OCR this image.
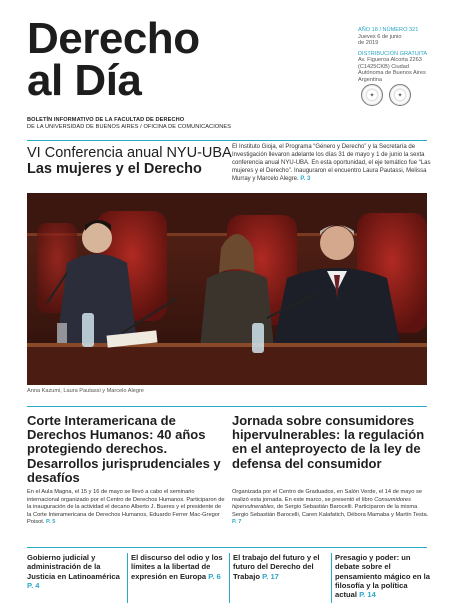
Derecho
al Día
BOLETÍN INFORMATIVO DE LA FACULTAD DE DERECHO
DE LA UNIVERSIDAD DE BUENOS AIRES / OFICINA DE COMUNICACIONES
AÑO 18 / NÚMERO 321
Jueves 6 de junio
de 2019
DISTRIBUCIÓN GRATUITA
Av. Figueroa Alcorta 2263
(C1425CKB) Ciudad
Autónoma de Buenos Aires
Argentina
✦	✦
VI Conferencia anual NYU-UBA
Las mujeres y el Derecho
El Instituto Gioja, el Programa “Género y Derecho” y la Secretaría de Investigación llevaron adelante los días 31 de mayo y 1 de junio la sexta conferencia anual NYU-UBA. En esta oportunidad, el eje temático fue “Las mujeres y el Derecho”. Inauguraron el encuentro Laura Pautassi, Melissa Murray y Marcelo Alegre. P. 3
Anna Kazumi, Laura Pautassi y Marcelo Alegre
Corte Interamericana de Derechos Humanos: 40 años protegiendo derechos. Desarrollos jurisprudenciales y desafíos
En el Aula Magna, el 15 y 16 de mayo se llevó a cabo el seminario internacional organizado por el Centro de Derechos Humanos. Participaron de la inauguración de la actividad el decano Alberto J. Bueres y el presidente de la Corte Interamericana de Derechos Humanos, Eduardo Ferrer Mac-Gregor Poisot. P. 5
Jornada sobre consumidores hipervulnerables: la regulación en el anteproyecto de la ley de defensa del consumidor
Organizada por el Centro de Graduados, en Salón Verde, el 14 de mayo se realizó esta jornada. En este marco, se presentó el libro Consumidores hipervulnerables, de Sergio Sebastián Barocelli. Participaron de la misma Sergio Sebastián Barocelli, Caren Kalafatich, Débora Mamaba y Martín Testa. P. 7
Gobierno judicial y administración de la Justicia en Latinoamérica P. 4
El discurso del odio y los límites a la libertad de expresión en Europa P. 6
El trabajo del futuro y el futuro del Derecho del Trabajo P. 17
Presagio y poder: un debate sobre el pensamiento mágico en la filosofía y la política actual P. 14
